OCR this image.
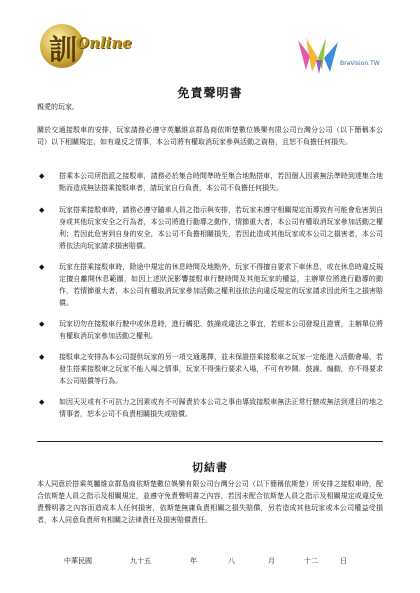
訓
Online
BraVision.TW
免責聲明書
親愛的玩家,
關於交通接駁車的安排，玩家請務必遵守英屬維京群島商依斯楚數位娛樂有限公司台灣分公司（以下簡稱本公司）以下相關規定，如有違反之情事，本公司將有權取消玩家參與活動之資格，且恕不負擔任何損失。
◆ 搭乘本公司所指派之接駁車，請務必於集合時間準時至集合地點搭車，若因個人因素無法準時到達集合地點而造成無法搭乘接駁車者，請玩家自行負責，本公司不負擔任何損失。
◆ 玩家搭乘接駁車時，請務必遵守隨車人員之指示與安排，若玩家未遵守相關規定而導致有可能會危害到自身或其他玩家安全之行為者，本公司將進行勸導之動作，情節重大者，本公司有權取消玩家參加活動之權利；若因此危害到自身的安全，本公司不負擔相關損失，若因此造成其他玩家或本公司之損害者，本公司將依法向玩家請求損害賠償。
◆ 玩家在搭乘接駁車時，除途中規定的休息時間及地點外，玩家不得擅自要求下車休息，或在休息時違反規定擅自離開休息範圍，如因上述狀況影響接駁車行駛時間及其他玩家的權益，主辦單位將進行勸導的動作，若情節重大者，本公司有權取消玩家參加活動之權利並依法向違反規定的玩家請求因此所生之損害賠償。
◆ 玩家切勿在接駁車行駛中或休息時，進行觸犯、鼓譟或違法之事宜，若經本公司發現且證實，主辦單位將有權取消玩家參加活動之權利。
◆ 接駁車之安排為本公司提供玩家的另一項交通選擇，並未保證搭乘接駁車之玩家一定能進入活動會場，若發生搭乘接駁車之玩家不能入場之情事，玩家不得強行要求入場，不可有吵鬧、鼓譟、煽動，亦不得要求本公司賠償等行為。
◆ 如因天災或有不可抗力之因素或有不可歸責於本公司之事由導致接駁車無法正常行駛或無法到達目的地之情事者，恕本公司不負責相關損失或賠償。
切結書
本人同意於搭乘英屬維京群島商依斯楚數位娛樂有限公司台灣分公司（以下簡稱依斯楚）所安排之接駁車時，配合依斯楚人員之指示及相關規定，並遵守免責聲明書之內容，若因未配合依斯楚人員之指示及相關規定或違反免責聲明書之內容而造成本人任何損害，依斯楚無庸負責相關之損失賠償，另若造成其他玩家或本公司權益受損者，本人同意負責所有相關之法律責任及損害賠償責任。
中華民國	九十五	年	八	月	十二	日
